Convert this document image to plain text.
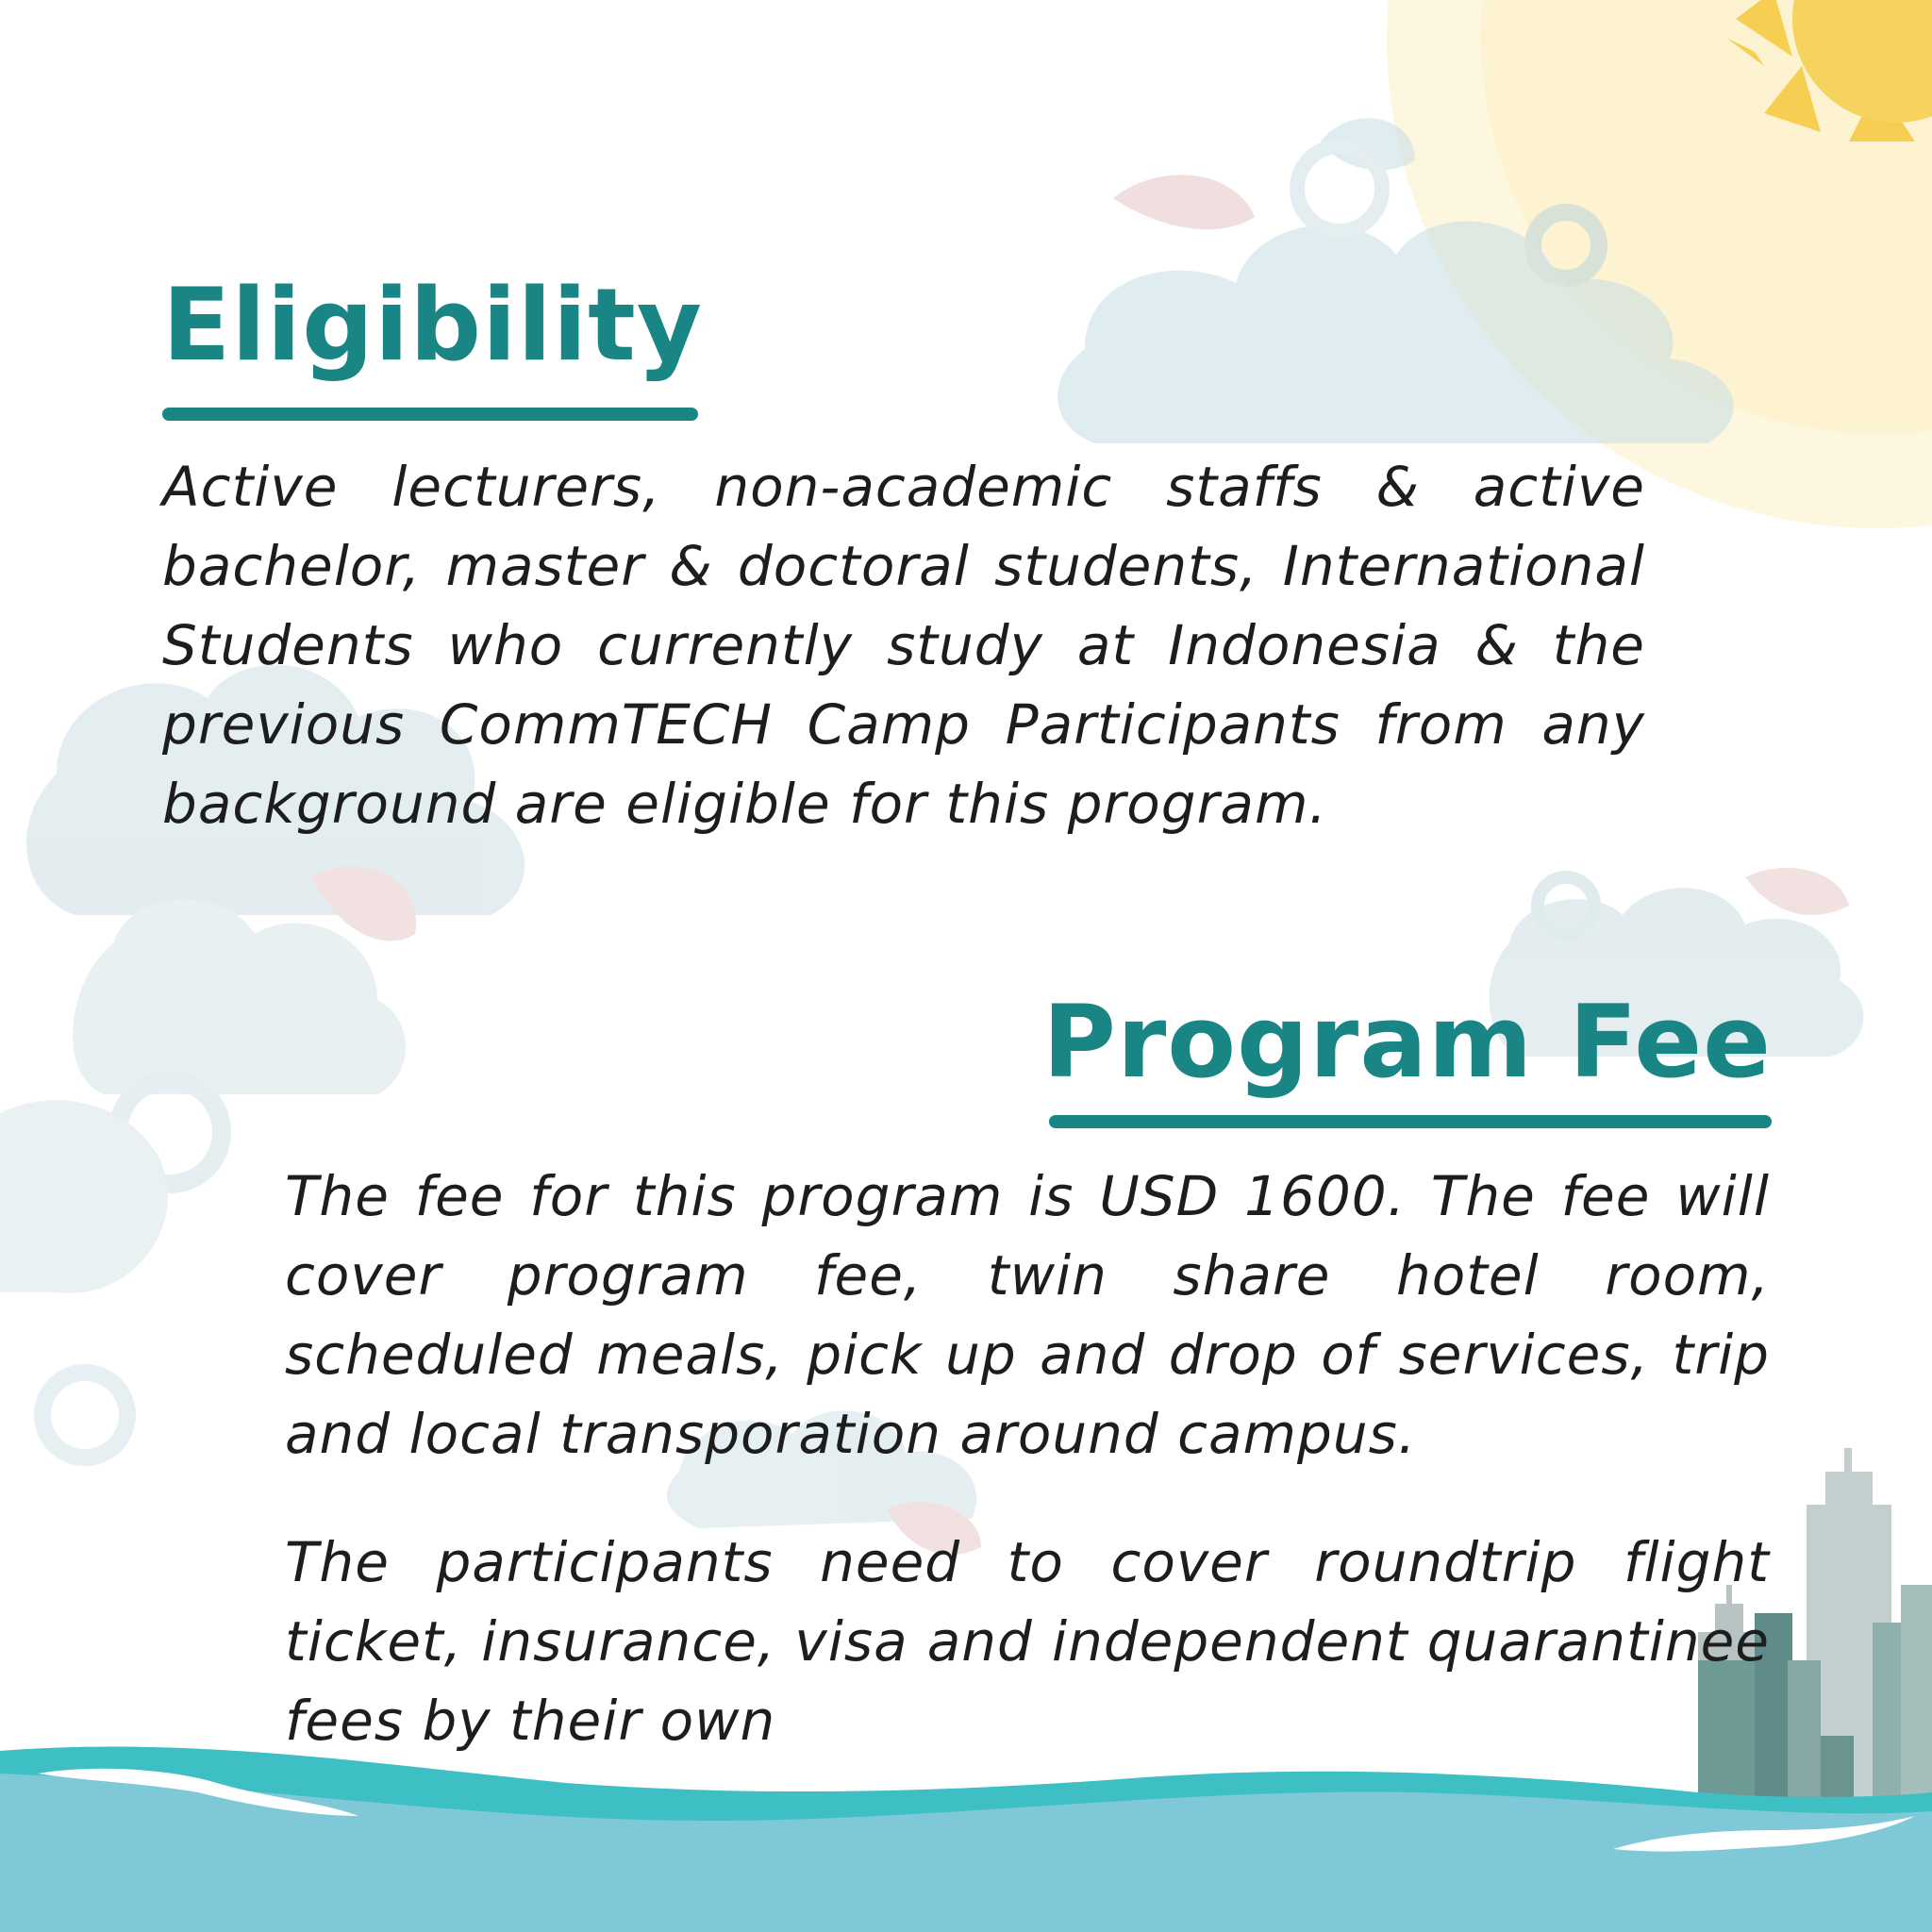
Eligibility

Active lecturers, non-academic staffs & active bachelor, master & doctoral students, International Students who currently study at Indonesia & the previous CommTECH Camp Participants from any background are eligible for this program.

Program Fee

The fee for this program is USD 1600. The fee will cover program fee, twin share hotel room, scheduled meals, pick up and drop of services, trip and local transporation around campus.

The participants need to cover roundtrip flight ticket, insurance, visa and independent quarantinee fees by their own
